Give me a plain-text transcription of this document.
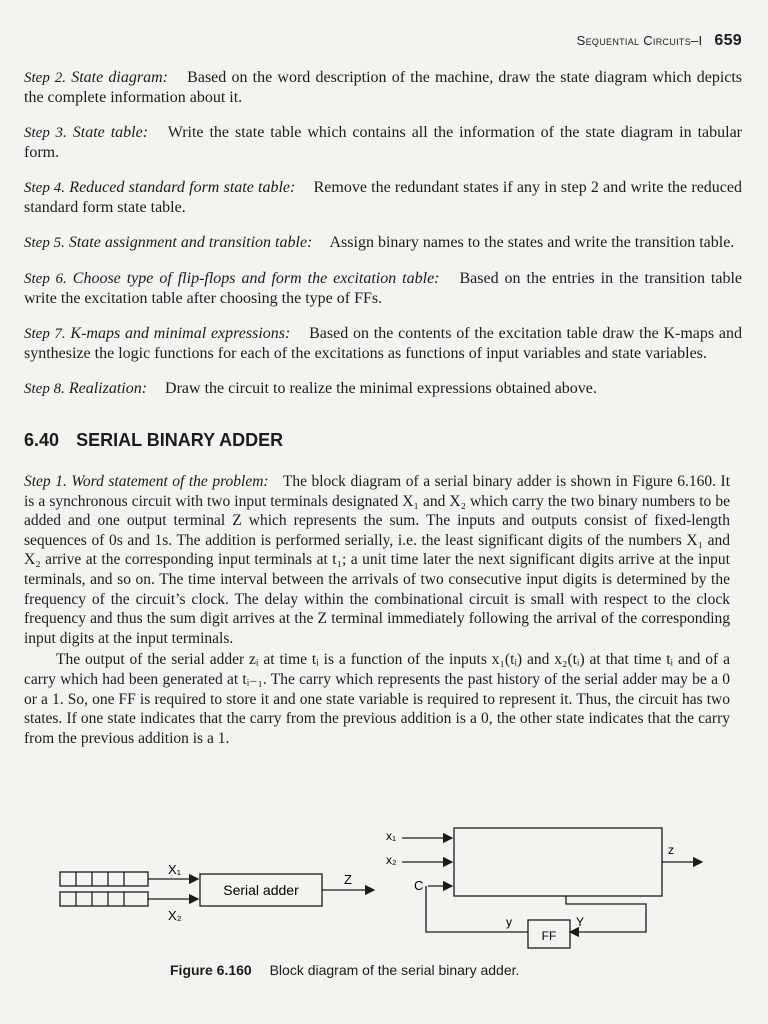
Sequential Circuits–I 659

Step 2. State diagram: Based on the word description of the machine, draw the state diagram which depicts the complete information about it.

Step 3. State table: Write the state table which contains all the information of the state diagram in tabular form.

Step 4. Reduced standard form state table: Remove the redundant states if any in step 2 and write the reduced standard form state table.

Step 5. State assignment and transition table: Assign binary names to the states and write the transition table.

Step 6. Choose type of flip-flops and form the excitation table: Based on the entries in the transition table write the excitation table after choosing the type of FFs.

Step 7. K-maps and minimal expressions: Based on the contents of the excitation table draw the K-maps and synthesize the logic functions for each of the excitations as functions of input variables and state variables.

Step 8. Realization: Draw the circuit to realize the minimal expressions obtained above.

6.40 SERIAL BINARY ADDER

Step 1. Word statement of the problem: The block diagram of a serial binary adder is shown in Figure 6.160. It is a synchronous circuit with two input terminals designated X₁ and X₂ which carry the two binary numbers to be added and one output terminal Z which represents the sum. The inputs and outputs consist of fixed-length sequences of 0s and 1s. The addition is performed serially, i.e. the least significant digits of the numbers X₁ and X₂ arrive at the corresponding input terminals at t₁; a unit time later the next significant digits arrive at the input terminals, and so on. The time interval between the arrivals of two consecutive input digits is determined by the frequency of the circuit’s clock. The delay within the combinational circuit is small with respect to the clock frequency and thus the sum digit arrives at the Z terminal immediately following the arrival of the corresponding input digits at the input terminals.

The output of the serial adder zᵢ at time tᵢ is a function of the inputs x₁(tᵢ) and x₂(tᵢ) at that time tᵢ and of a carry which had been generated at tᵢ₋₁. The carry which represents the past history of the serial adder may be a 0 or a 1. So, one FF is required to store it and one state variable is required to represent it. Thus, the circuit has two states. If one state indicates that the carry from the previous addition is a 0, the other state indicates that the carry from the previous addition is a 1.

X₁
X₂
Serial adder
Z
x₁
x₂
C
z
FF
y	Y
Figure 6.160 Block diagram of the serial binary adder.
